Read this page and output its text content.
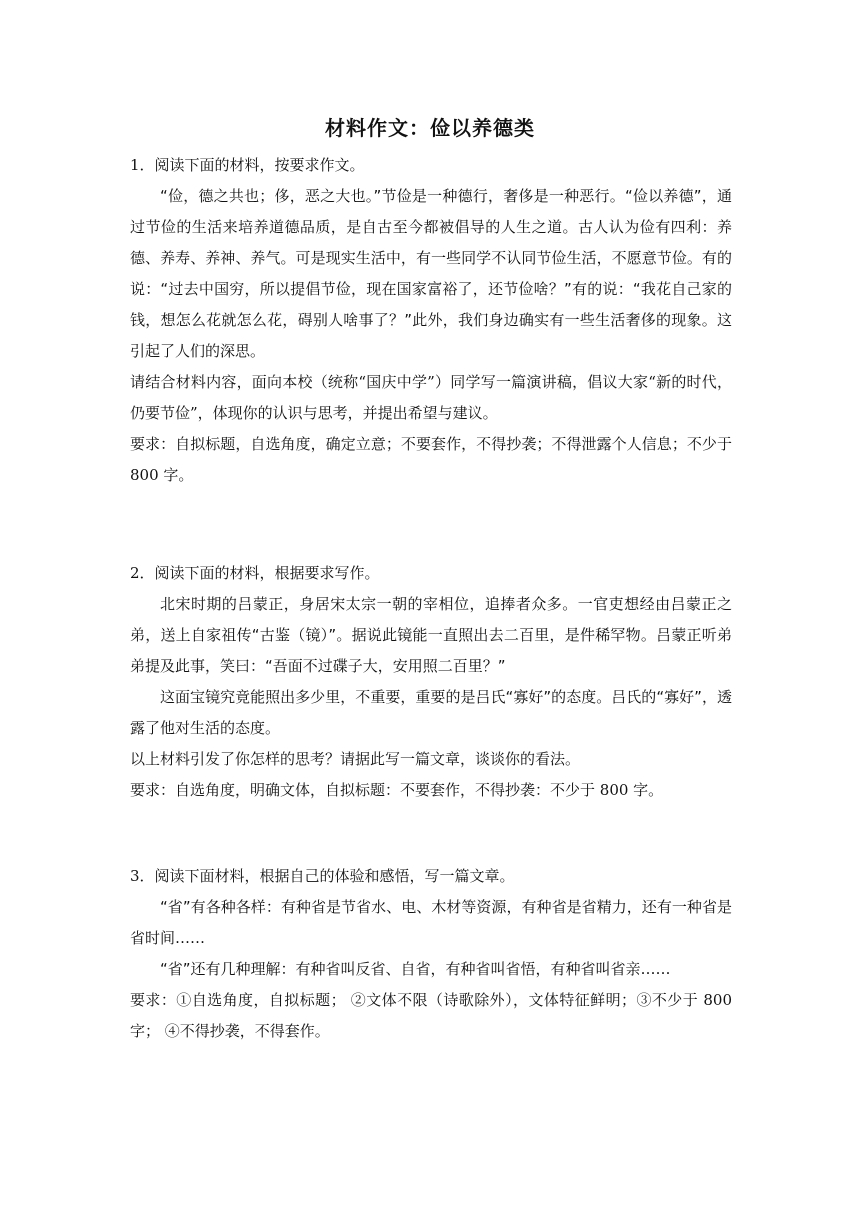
材料作文：俭以养德类

1．阅读下面的材料，按要求作文。

“俭，德之共也；侈，恶之大也。”节俭是一种德行，奢侈是一种恶行。“俭以养德”，通过节俭的生活来培养道德品质，是自古至今都被倡导的人生之道。古人认为俭有四利：养德、养寿、养神、养气。可是现实生活中，有一些同学不认同节俭生活，不愿意节俭。有的说：“过去中国穷，所以提倡节俭，现在国家富裕了，还节俭啥？”有的说：“我花自己家的钱，想怎么花就怎么花，碍别人啥事了？”此外，我们身边确实有一些生活奢侈的现象。这引起了人们的深思。

请结合材料内容，面向本校（统称“国庆中学”）同学写一篇演讲稿，倡议大家“新的时代，仍要节俭”，体现你的认识与思考，并提出希望与建议。

要求：自拟标题，自选角度，确定立意；不要套作，不得抄袭；不得泄露个人信息；不少于 800 字。

2．阅读下面的材料，根据要求写作。

北宋时期的吕蒙正，身居宋太宗一朝的宰相位，追捧者众多。一官吏想经由吕蒙正之弟，送上自家祖传“古鉴（镜）”。据说此镜能一直照出去二百里，是件稀罕物。吕蒙正听弟弟提及此事，笑曰：“吾面不过碟子大，安用照二百里？”

这面宝镜究竟能照出多少里，不重要，重要的是吕氏“寡好”的态度。吕氏的“寡好”，透露了他对生活的态度。

以上材料引发了你怎样的思考？请据此写一篇文章，谈谈你的看法。

要求：自选角度，明确文体，自拟标题：不要套作，不得抄袭：不少于 800 字。

3．阅读下面材料，根据自己的体验和感悟，写一篇文章。

“省”有各种各样：有种省是节省水、电、木材等资源，有种省是省精力，还有一种省是省时间……

“省”还有几种理解：有种省叫反省、自省，有种省叫省悟，有种省叫省亲……

要求：①自选角度，自拟标题； ②文体不限（诗歌除外），文体特征鲜明；③不少于 800 字； ④不得抄袭，不得套作。
